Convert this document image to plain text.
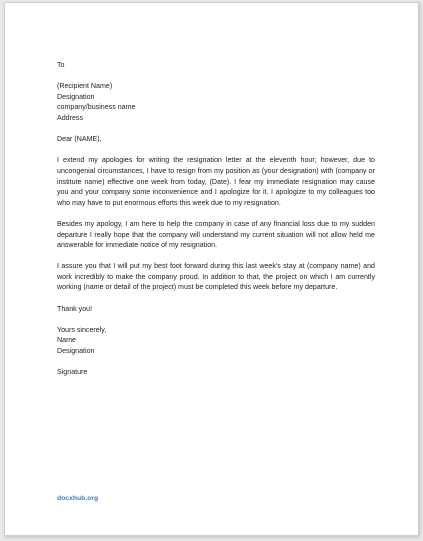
To
(Recipient Name)
Designation
company/business name
Address
Dear (NAME),

I extend my apologies for writing the resignation letter at the eleventh hour; however, due to uncongenial circumstances, I have to resign from my position as (your designation) with (company or institute name) effective one week from today, (Date). I fear my immediate resignation may cause you and your company some inconvenience and I apologize for it. I apologize to my colleagues too who may have to put enormous efforts this week due to my resignation.

Besides my apology, I am here to help the company in case of any financial loss due to my sudden departure I really hope that the company will understand my current situation will not allow held me answerable for immediate notice of my resignation.

I assure you that I will put my best foot forward during this last week's stay at (company name) and work incredibly to make the company proud. In addition to that, the project on which I am currently working (name or detail of the project) must be completed this week before my departure.

Thank you!
Yours sincerely,
Name
Designation
Signature
docxhub.org
